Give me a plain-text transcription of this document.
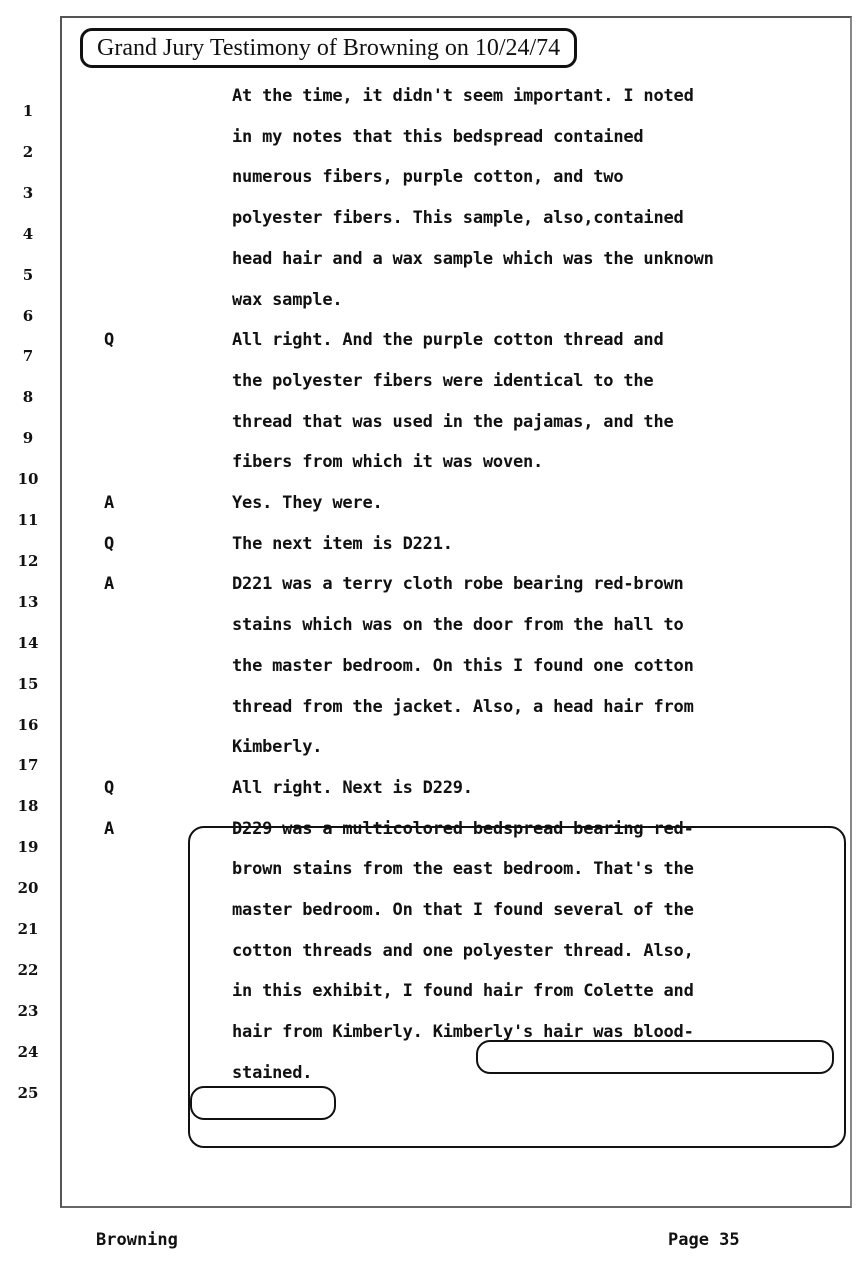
Grand Jury Testimony of Browning on 10/24/74
1
2
3
4
5
6
7
8
9
10
11
12
13
14
15
16
17
18
19
20
21
22
23
24
25
At the time, it didn't seem important. I noted
in my notes that this bedspread contained
numerous fibers, purple cotton, and two
polyester fibers. This sample, also,contained
head hair and a wax sample which was the unknown
wax sample.
Q	All right. And the purple cotton thread and
the polyester fibers were identical to the
thread that was used in the pajamas, and the
fibers from which it was woven.
A	Yes. They were.
Q	The next item is D221.
A	D221 was a terry cloth robe bearing red-brown
stains which was on the door from the hall to
the master bedroom. On this I found one cotton
thread from the jacket. Also, a head hair from
Kimberly.
Q	All right. Next is D229.
A	D229 was a multicolored bedspread bearing red-
brown stains from the east bedroom. That's the
master bedroom. On that I found several of the
cotton threads and one polyester thread. Also,
in this exhibit, I found hair from Colette and
hair from Kimberly. Kimberly's hair was blood-
stained.
Browning	Page 35
